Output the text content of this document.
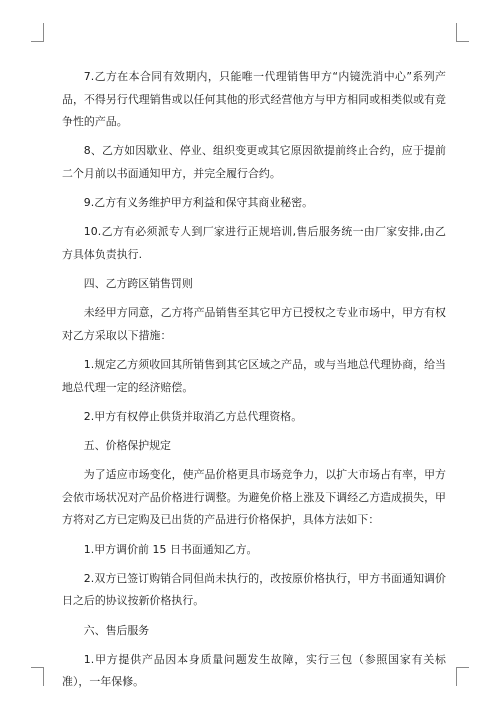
7.乙方在本合同有效期内，只能唯一代理销售甲方“内镜洗消中心”系列产品，不得另行代理销售或以任何其他的形式经营他方与甲方相同或相类似或有竞争性的产品。

8、乙方如因歇业、停业、组织变更或其它原因欲提前终止合约，应于提前二个月前以书面通知甲方，并完全履行合约。

9.乙方有义务维护甲方利益和保守其商业秘密。

10.乙方有必须派专人到厂家进行正规培训,售后服务统一由厂家安排,由乙方具体负责执行.

四、乙方跨区销售罚则

未经甲方同意，乙方将产品销售至其它甲方已授权之专业市场中，甲方有权对乙方采取以下措施：

1.规定乙方须收回其所销售到其它区域之产品，或与当地总代理协商，给当地总代理一定的经济赔偿。

2.甲方有权停止供货并取消乙方总代理资格。

五、价格保护规定

为了适应市场变化，使产品价格更具市场竞争力，以扩大市场占有率，甲方会依市场状况对产品价格进行调整。为避免价格上涨及下调经乙方造成损失，甲方将对乙方已定购及已出货的产品进行价格保护，具体方法如下：

1.甲方调价前 15 日书面通知乙方。

2.双方已签订购销合同但尚未执行的，改按原价格执行，甲方书面通知调价日之后的协议按新价格执行。

六、售后服务

1.甲方提供产品因本身质量问题发生故障，实行三包（参照国家有关标准），一年保修。
